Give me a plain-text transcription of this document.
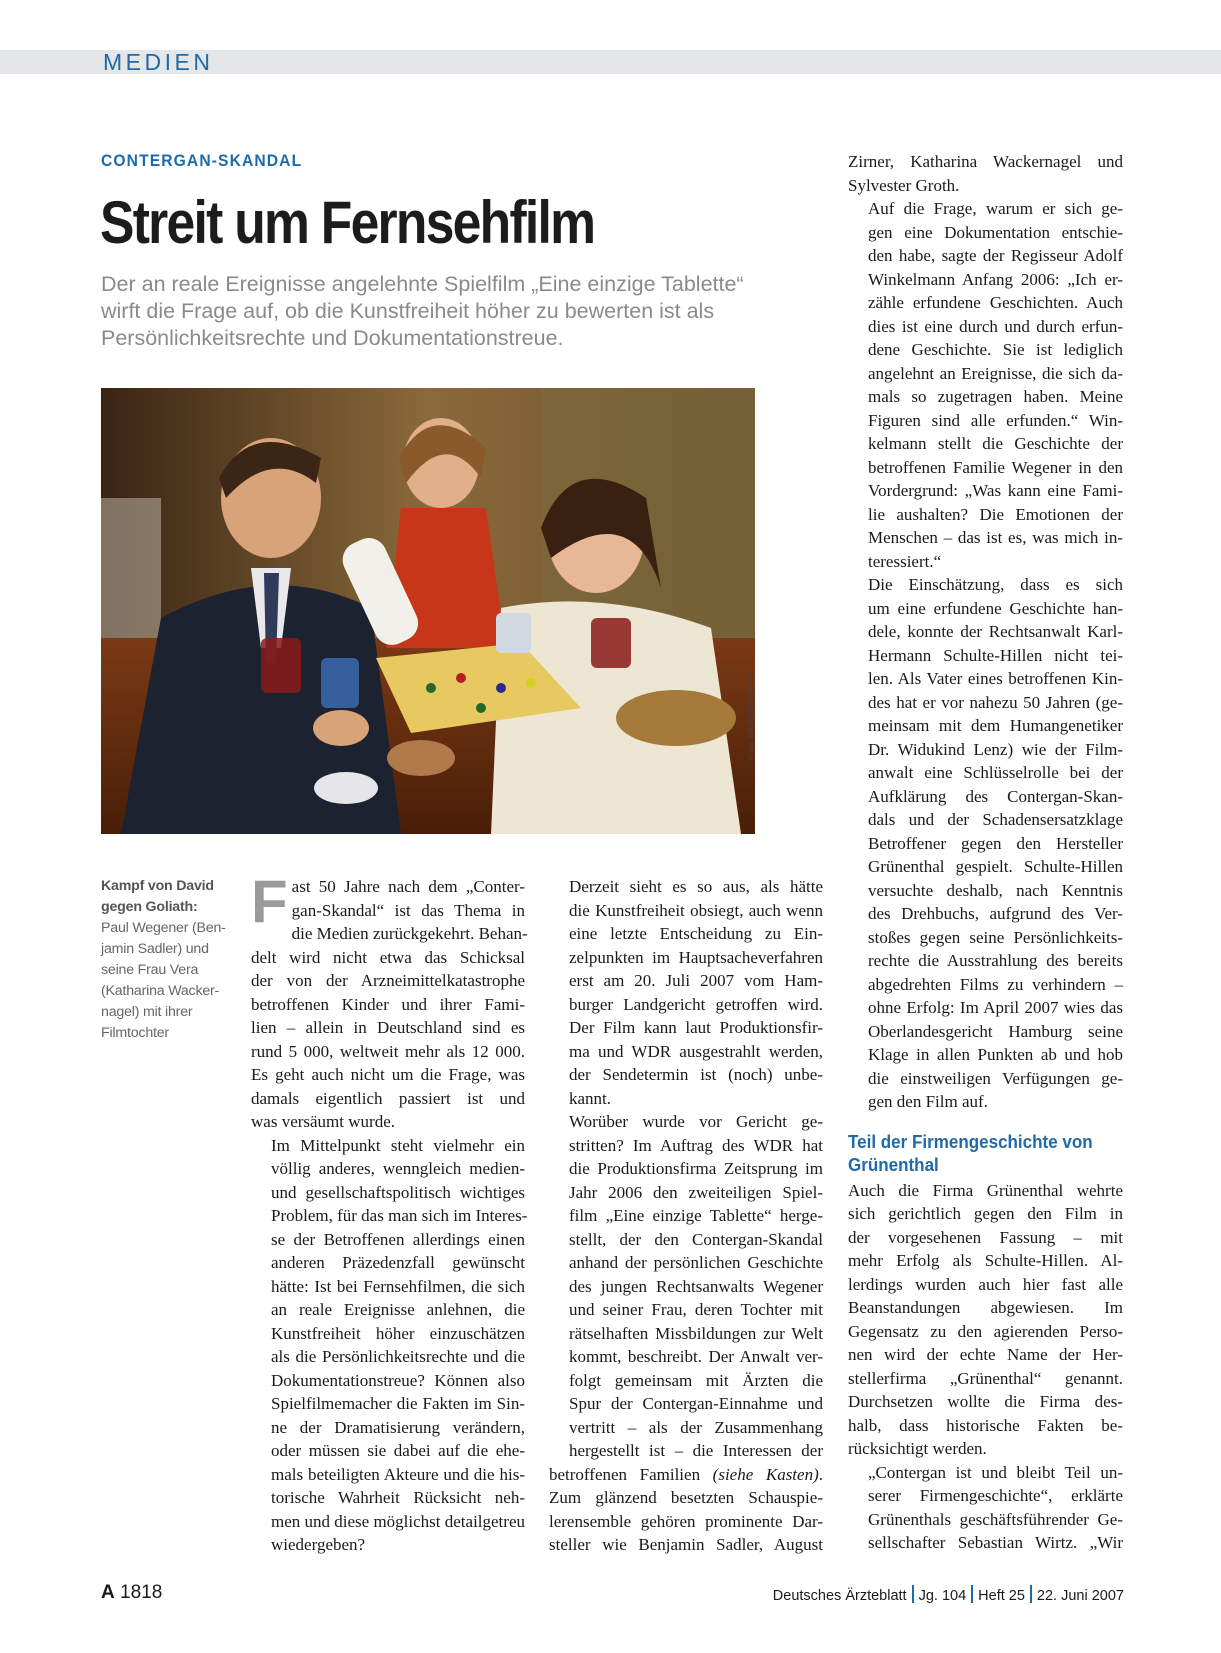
MEDIEN
CONTERGAN-SKANDAL
Streit um Fernsehfilm
Der an reale Ereignisse angelehnte Spielfilm „Eine einzige Tablette“
wirft die Frage auf, ob die Kunstfreiheit höher zu bewerten ist als
Persönlichkeitsrechte und Dokumentationstreue.
Foto: WDR/Willi Weber
Kampf von David
gegen Goliath:
Paul Wegener (Ben-
jamin Sadler) und
seine Frau Vera
(Katharina Wacker-
nagel) mit ihrer
Filmtochter
F ast 50 Jahre nach dem „Conter-
gan-Skandal“ ist das Thema in
die Medien zurückgekehrt. Behan-
delt wird nicht etwa das Schicksal
der von der Arzneimittelkatastrophe
betroffenen Kinder und ihrer Fami-
lien – allein in Deutschland sind es
rund 5 000, weltweit mehr als 12 000.
Es geht auch nicht um die Frage, was
damals eigentlich passiert ist und
was versäumt wurde.
Im Mittelpunkt steht vielmehr ein
völlig anderes, wenngleich medien-
und gesellschaftspolitisch wichtiges
Problem, für das man sich im Interes-
se der Betroffenen allerdings einen
anderen Präzedenzfall gewünscht
hätte: Ist bei Fernsehfilmen, die sich
an reale Ereignisse anlehnen, die
Kunstfreiheit höher einzuschätzen
als die Persönlichkeitsrechte und die
Dokumentationstreue? Können also
Spielfilmemacher die Fakten im Sin-
ne der Dramatisierung verändern,
oder müssen sie dabei auf die ehe-
mals beteiligten Akteure und die his-
torische Wahrheit Rücksicht neh-
men und diese möglichst detailgetreu
wiedergeben?
Derzeit sieht es so aus, als hätte
die Kunstfreiheit obsiegt, auch wenn
eine letzte Entscheidung zu Ein-
zelpunkten im Hauptsacheverfahren
erst am 20. Juli 2007 vom Ham-
burger Landgericht getroffen wird.
Der Film kann laut Produktionsfir-
ma und WDR ausgestrahlt werden,
der Sendetermin ist (noch) unbe-
kannt.
Worüber wurde vor Gericht ge-
stritten? Im Auftrag des WDR hat
die Produktionsfirma Zeitsprung im
Jahr 2006 den zweiteiligen Spiel-
film „Eine einzige Tablette“ herge-
stellt, der den Contergan-Skandal
anhand der persönlichen Geschichte
des jungen Rechtsanwalts Wegener
und seiner Frau, deren Tochter mit
rätselhaften Missbildungen zur Welt
kommt, beschreibt. Der Anwalt ver-
folgt gemeinsam mit Ärzten die
Spur der Contergan-Einnahme und
vertritt – als der Zusammenhang
hergestellt ist – die Interessen der
betroffenen Familien (siehe Kasten).
Zum glänzend besetzten Schauspie-
lerensemble gehören prominente Dar-
steller wie Benjamin Sadler, August
Zirner, Katharina Wackernagel und
Sylvester Groth.
Auf die Frage, warum er sich ge-
gen eine Dokumentation entschie-
den habe, sagte der Regisseur Adolf
Winkelmann Anfang 2006: „Ich er-
zähle erfundene Geschichten. Auch
dies ist eine durch und durch erfun-
dene Geschichte. Sie ist lediglich
angelehnt an Ereignisse, die sich da-
mals so zugetragen haben. Meine
Figuren sind alle erfunden.“ Win-
kelmann stellt die Geschichte der
betroffenen Familie Wegener in den
Vordergrund: „Was kann eine Fami-
lie aushalten? Die Emotionen der
Menschen – das ist es, was mich in-
teressiert.“
Die Einschätzung, dass es sich
um eine erfundene Geschichte han-
dele, konnte der Rechtsanwalt Karl-
Hermann Schulte-Hillen nicht tei-
len. Als Vater eines betroffenen Kin-
des hat er vor nahezu 50 Jahren (ge-
meinsam mit dem Humangenetiker
Dr. Widukind Lenz) wie der Film-
anwalt eine Schlüsselrolle bei der
Aufklärung des Contergan-Skan-
dals und der Schadensersatzklage
Betroffener gegen den Hersteller
Grünenthal gespielt. Schulte-Hillen
versuchte deshalb, nach Kenntnis
des Drehbuchs, aufgrund des Ver-
stoßes gegen seine Persönlichkeits-
rechte die Ausstrahlung des bereits
abgedrehten Films zu verhindern –
ohne Erfolg: Im April 2007 wies das
Oberlandesgericht Hamburg seine
Klage in allen Punkten ab und hob
die einstweiligen Verfügungen ge-
gen den Film auf.
Teil der Firmengeschichte von
Grünenthal
Auch die Firma Grünenthal wehrte
sich gerichtlich gegen den Film in
der vorgesehenen Fassung – mit
mehr Erfolg als Schulte-Hillen. Al-
lerdings wurden auch hier fast alle
Beanstandungen abgewiesen. Im
Gegensatz zu den agierenden Perso-
nen wird der echte Name der Her-
stellerfirma „Grünenthal“ genannt.
Durchsetzen wollte die Firma des-
halb, dass historische Fakten be-
rücksichtigt werden.
„Contergan ist und bleibt Teil un-
serer Firmengeschichte“, erklärte
Grünenthals geschäftsführender Ge-
sellschafter Sebastian Wirtz. „Wir
A 1818	Deutsches Ärzteblatt Jg. 104 Heft 25 22. Juni 2007
